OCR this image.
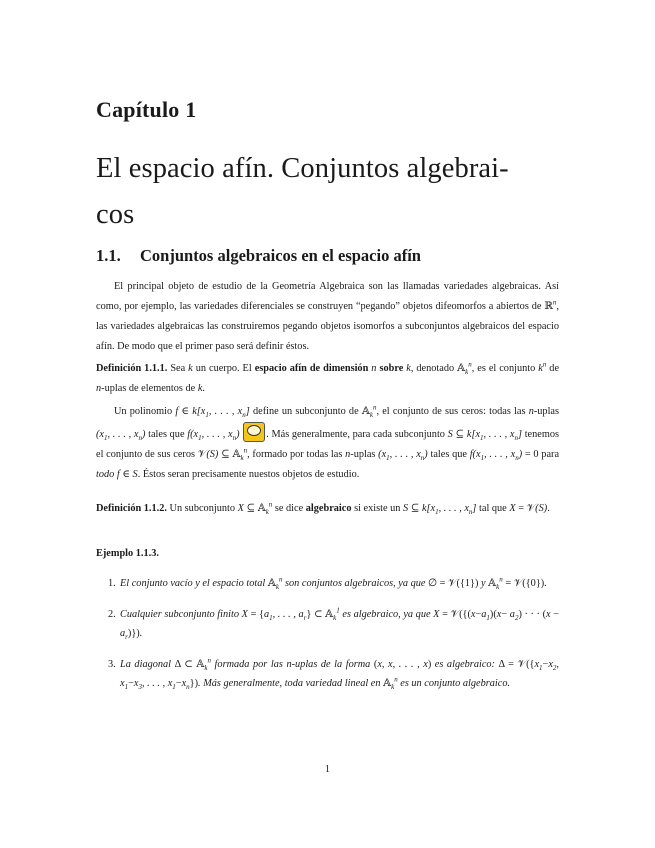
Capítulo 1
El espacio afín. Conjuntos algebrai-
cos
1.1. Conjuntos algebraicos en el espacio afín
El principal objeto de estudio de la Geometría Algebraica son las llamadas variedades algebraicas. Así como, por ejemplo, las variedades diferenciales se construyen “pegando” objetos difeomorfos a abiertos de ℝ$^n$, las variedades algebraicas las construiremos pegando objetos isomorfos a subconjuntos algebraicos del espacio afín. De modo que el primer paso será definir éstos.
Definición 1.1.1. Sea k un cuerpo. El espacio afín de dimensión n sobre k, denotado 𝔸$_k^n$, es el conjunto $k^n$ de n-uplas de elementos de k.
Un polinomio f ∈ $k[x_1$, . . . , $x_n$] define un subconjunto de 𝔸$_k^n$, el conjunto de sus ceros: todas las n-uplas ($x_1$, . . . , $x_n$) tales que $f(x_1$, . . . , $x_n$)	. Más generalmente, para cada subconjunto S ⊆ $k[x_1$, . . . , $x_n$] tenemos el conjunto de sus ceros 𝒱(S) ⊆ 𝔸$_k^n$, formado por todas las n-uplas ($x_1$, . . . , $x_n$) tales que $f(x_1$, . . . , $x_n) = 0$ para todo f ∈ S. Éstos seran precisamente nuestos objetos de estudio.
Definición 1.1.2. Un subconjunto X ⊆ 𝔸$_k^n$ se dice algebraico si existe un S ⊆ $k[x_1$, . . . , $x_n$] tal que X = 𝒱(S).
Ejemplo 1.1.3.
1. El conjunto vacío y el espacio total 𝔸$_k^n$ son conjuntos algebraicos, ya que ∅ = 𝒱({1}) y 𝔸$_k^n$ = 𝒱({0}).
2. Cualquier subconjunto finito $X = \{a_1$, . . . , $a_r$} ⊂ 𝔸$_k^1$ es algebraico, ya que $X = 𝒱(\{(x-a_1)(x- a_2)$ · · · $(x - a_r)$}).
3. La diagonal Δ ⊂ 𝔸$_k^n$ formada por las n-uplas de la forma (x, x, . . . , x) es algebraico: $\Delta = 𝒱(\{x_1-x_2$, $x_1-x_3$, . . . , $x_1-x_n$}). Más generalmente, toda variedad lineal en 𝔸$_k^n$ es un conjunto algebraico.
1
